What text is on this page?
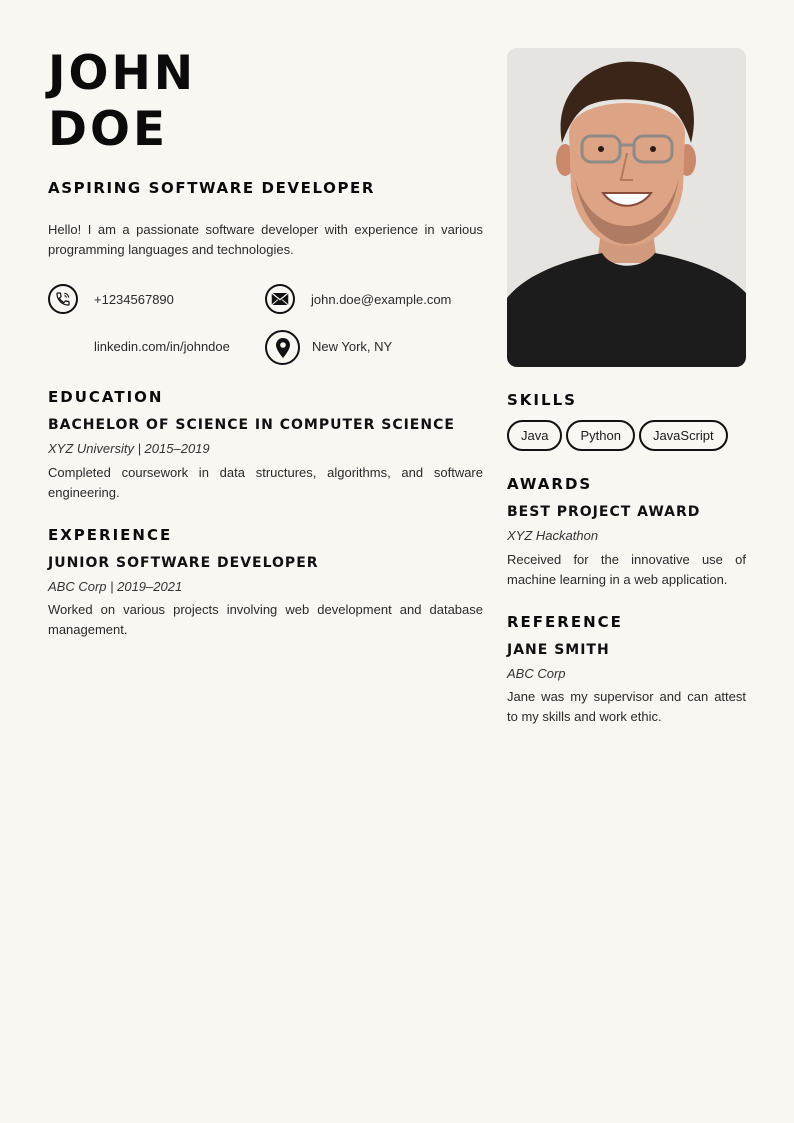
JOHN
DOE
ASPIRING SOFTWARE DEVELOPER
Hello! I am a passionate software developer with experience in various programming languages and technologies.
+1234567890	john.doe@example.com
linkedin.com/in/johndoe	New York, NY
EDUCATION
BACHELOR OF SCIENCE IN COMPUTER SCIENCE
XYZ University | 2015–2019
Completed coursework in data structures, algorithms, and software engineering.
EXPERIENCE
JUNIOR SOFTWARE DEVELOPER
ABC Corp | 2019–2021
Worked on various projects involving web development and database management.
SKILLS
Java	Python	JavaScript
AWARDS
BEST PROJECT AWARD
XYZ Hackathon
Received for the innovative use of machine learning in a web application.
REFERENCE
JANE SMITH
ABC Corp
Jane was my supervisor and can attest to my skills and work ethic.
